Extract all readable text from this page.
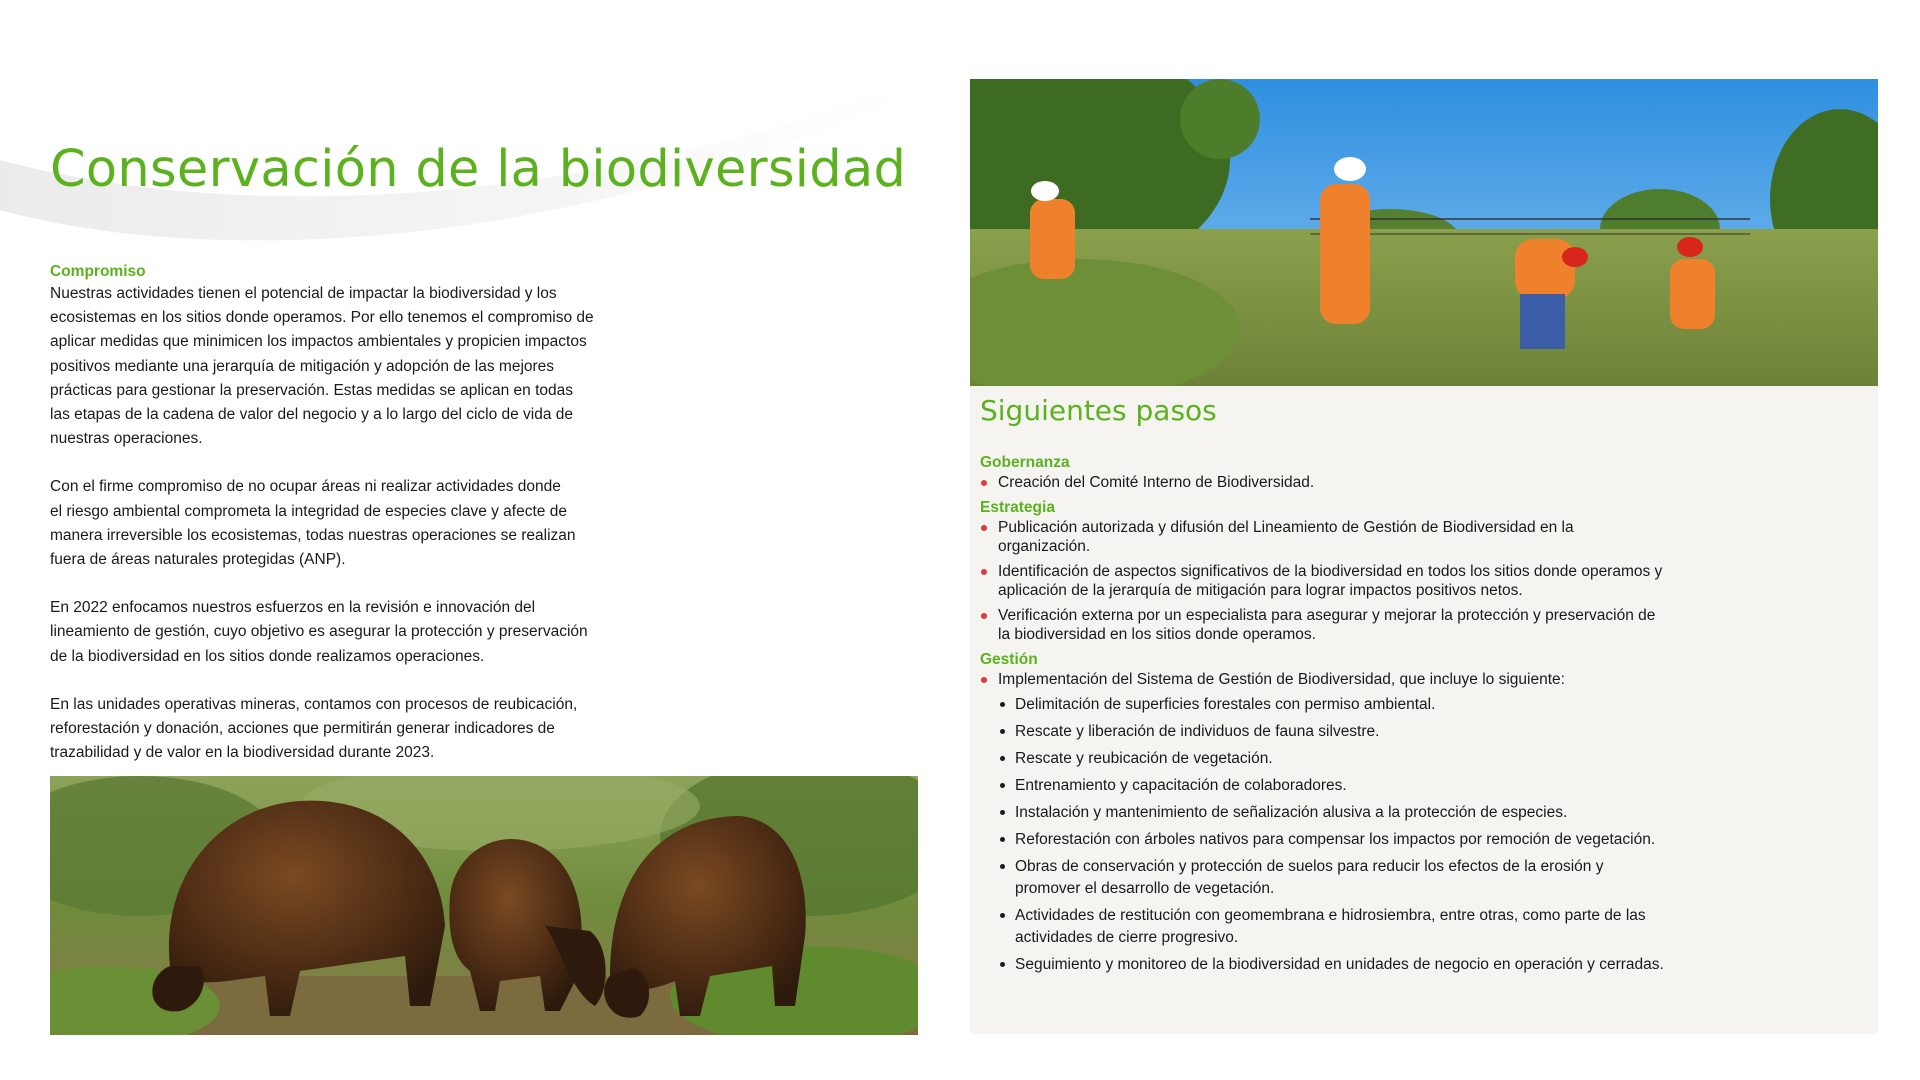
Conservación de la biodiversidad
Compromiso

Nuestras actividades tienen el potencial de impactar la biodiversidad y los
ecosistemas en los sitios donde operamos. Por ello tenemos el compromiso de
aplicar medidas que minimicen los impactos ambientales y propicien impactos
positivos mediante una jerarquía de mitigación y adopción de las mejores
prácticas para gestionar la preservación. Estas medidas se aplican en todas
las etapas de la cadena de valor del negocio y a lo largo del ciclo de vida de
nuestras operaciones.

Con el firme compromiso de no ocupar áreas ni realizar actividades donde
el riesgo ambiental comprometa la integridad de especies clave y afecte de
manera irreversible los ecosistemas, todas nuestras operaciones se realizan
fuera de áreas naturales protegidas (ANP).

En 2022 enfocamos nuestros esfuerzos en la revisión e innovación del
lineamiento de gestión, cuyo objetivo es asegurar la protección y preservación
de la biodiversidad en los sitios donde realizamos operaciones.

En las unidades operativas mineras, contamos con procesos de reubicación,
reforestación y donación, acciones que permitirán generar indicadores de
trazabilidad y de valor en la biodiversidad durante 2023.

Siguientes pasos
Gobernanza
Creación del Comité Interno de Biodiversidad.
Estrategia
Publicación autorizada y difusión del Lineamiento de Gestión de Biodiversidad en la
organización.
Identificación de aspectos significativos de la biodiversidad en todos los sitios donde operamos y
aplicación de la jerarquía de mitigación para lograr impactos positivos netos.
Verificación externa por un especialista para asegurar y mejorar la protección y preservación de
la biodiversidad en los sitios donde operamos.
Gestión
Implementación del Sistema de Gestión de Biodiversidad, que incluye lo siguiente:
Delimitación de superficies forestales con permiso ambiental.
Rescate y liberación de individuos de fauna silvestre.
Rescate y reubicación de vegetación.
Entrenamiento y capacitación de colaboradores.
Instalación y mantenimiento de señalización alusiva a la protección de especies.
Reforestación con árboles nativos para compensar los impactos por remoción de vegetación.
Obras de conservación y protección de suelos para reducir los efectos de la erosión y
promover el desarrollo de vegetación.
Actividades de restitución con geomembrana e hidrosiembra, entre otras, como parte de las
actividades de cierre progresivo.
Seguimiento y monitoreo de la biodiversidad en unidades de negocio en operación y cerradas.
